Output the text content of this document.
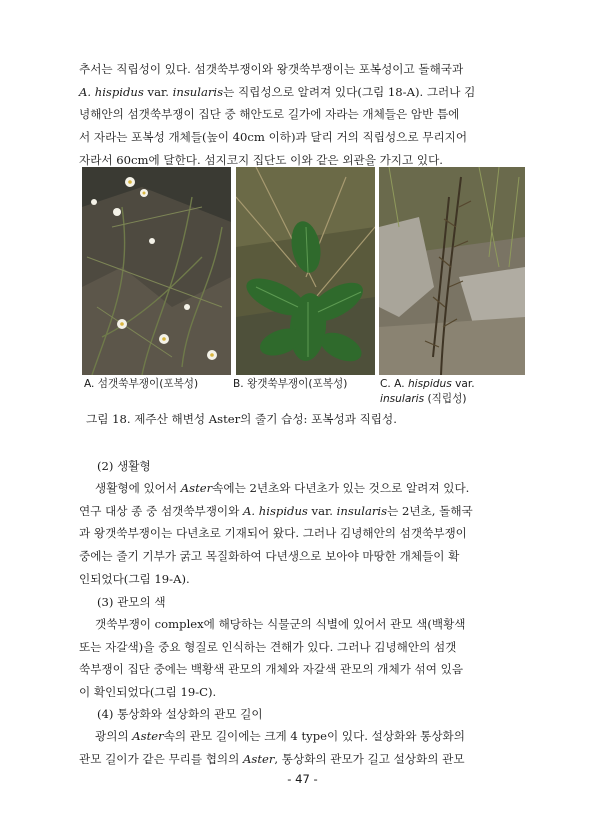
추서는 직립성이 있다. 섬갯쑥부쟁이와 왕갯쑥부쟁이는 포복성이고 돌해국과
A. hispidus var. insularis는 직립성으로 알려져 있다(그림 18-A). 그러나 김
녕해안의 섬갯쑥부쟁이 집단 중 해안도로 길가에 자라는 개체들은 암반 틈에
서 자라는 포복성 개체들(높이 40cm 이하)과 달리 거의 직립성으로 무리지어
자라서 60cm에 달한다. 섬지코지 집단도 이와 같은 외관을 가지고 있다.

A. 섬갯쑥부쟁이(포복성)	B. 왕갯쑥부쟁이(포복성)	C. A. hispidus var.
insularis (직립성)

그림 18. 제주산 해변성 Aster의 줄기 습성: 포복성과 직립성.

(2) 생활형

생활형에 있어서 Aster속에는 2년초와 다년초가 있는 것으로 알려져 있다.
연구 대상 종 중 섬갯쑥부쟁이와 A. hispidus var. insularis는 2년초, 돌해국
과 왕갯쑥부쟁이는 다년초로 기재되어 왔다. 그러나 김녕해안의 섬갯쑥부쟁이
중에는 줄기 기부가 굵고 목질화하여 다년생으로 보아야 마땅한 개체들이 확
인되었다(그림 19-A).

(3) 관모의 색

갯쑥부쟁이 complex에 해당하는 식물군의 식별에 있어서 관모 색(백황색
또는 자갈색)을 중요 형질로 인식하는 견해가 있다. 그러나 김녕해안의 섬갯
쑥부쟁이 집단 중에는 백황색 관모의 개체와 자갈색 관모의 개체가 섞여 있음
이 확인되었다(그림 19-C).

(4) 통상화와 설상화의 관모 길이

광의의 Aster속의 관모 길이에는 크게 4 type이 있다. 설상화와 통상화의
관모 길이가 같은 무리를 협의의 Aster, 통상화의 관모가 길고 설상화의 관모

- 47 -
